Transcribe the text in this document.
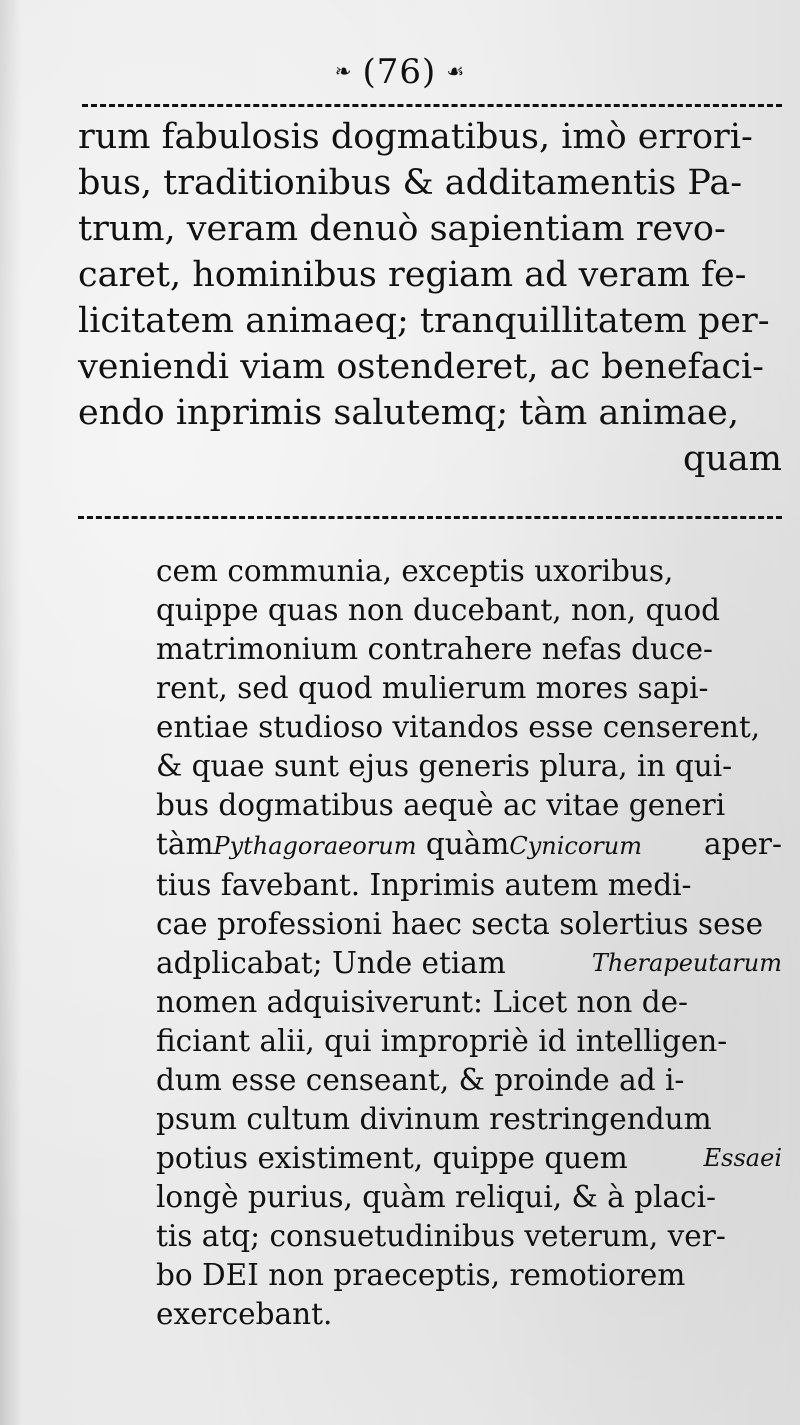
❧ (76) ☙
rum fabulosis dogmatibus, imò errori-
bus, traditionibus & additamentis Pa-
trum, veram denuò sapientiam revo-
caret, hominibus regiam ad veram fe-
licitatem animaeq; tranquillitatem per-
veniendi viam ostenderet, ac benefaci-
endo inprimis salutemq; tàm animae,
quam
cem communia, exceptis uxoribus,
quippe quas non ducebant, non, quod
matrimonium contrahere nefas duce-
rent, sed quod mulierum mores sapi-
entiae studioso vitandos esse censerent,
& quae sunt ejus generis plura, in qui-
bus dogmatibus aequè ac vitae generi
tàmPythagoraeorum quàmCynicorum aper-
tius favebant. Inprimis autem medi-
cae professioni haec secta solertius sese
adplicabat; Unde etiam	Therapeutarum
nomen adquisiverunt: Licet non de-
ficiant alii, qui impropriè id intelligen-
dum esse censeant, & proinde ad i-
psum cultum divinum restringendum
potius existiment, quippe quem	Essaei
longè purius, quàm reliqui, & à placi-
tis atq; consuetudinibus veterum, ver-
bo DEI non praeceptis, remotiorem
exercebant.
